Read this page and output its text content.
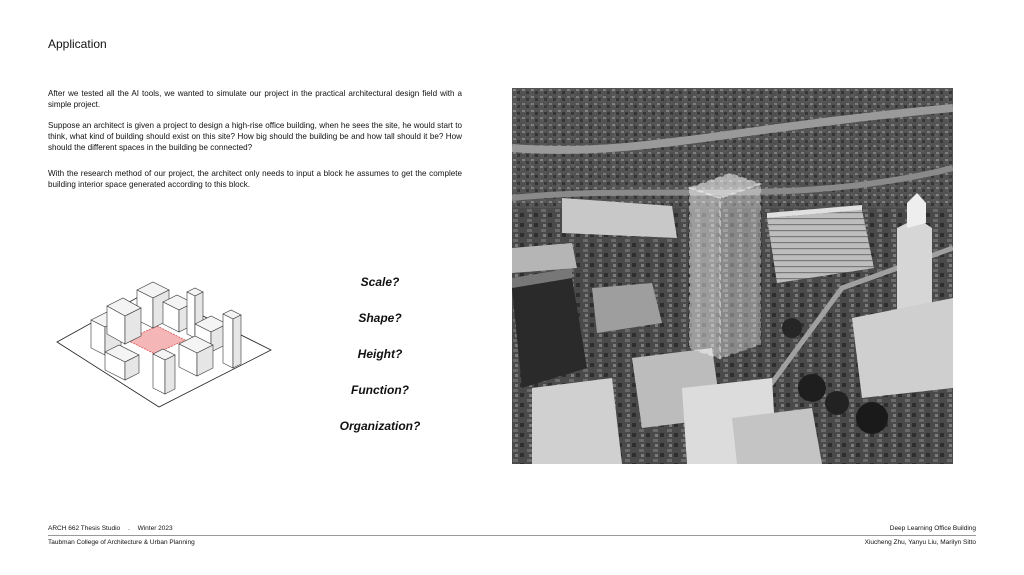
Application
After we tested all the AI tools, we wanted to simulate our project in the practical architectural design field with a simple project.
Suppose an architect is given a project to design a high-rise office building, when he sees the site, he would start to think, what kind of building should exist on this site? How big should the building be and how tall should it be? How should the different spaces in the building be connected?
With the research method of our project, the architect only needs to input a block he assumes to get the complete building interior space generated according to this block.
Scale?
Shape?
Height?
Function?
Organization?
ARCH 662 Thesis Studio . Winter 2023
Taubman College of Architecture & Urban Planning
Deep Learning Office Building
Xiucheng Zhu, Yanyu Liu, Marilyn Sitto
